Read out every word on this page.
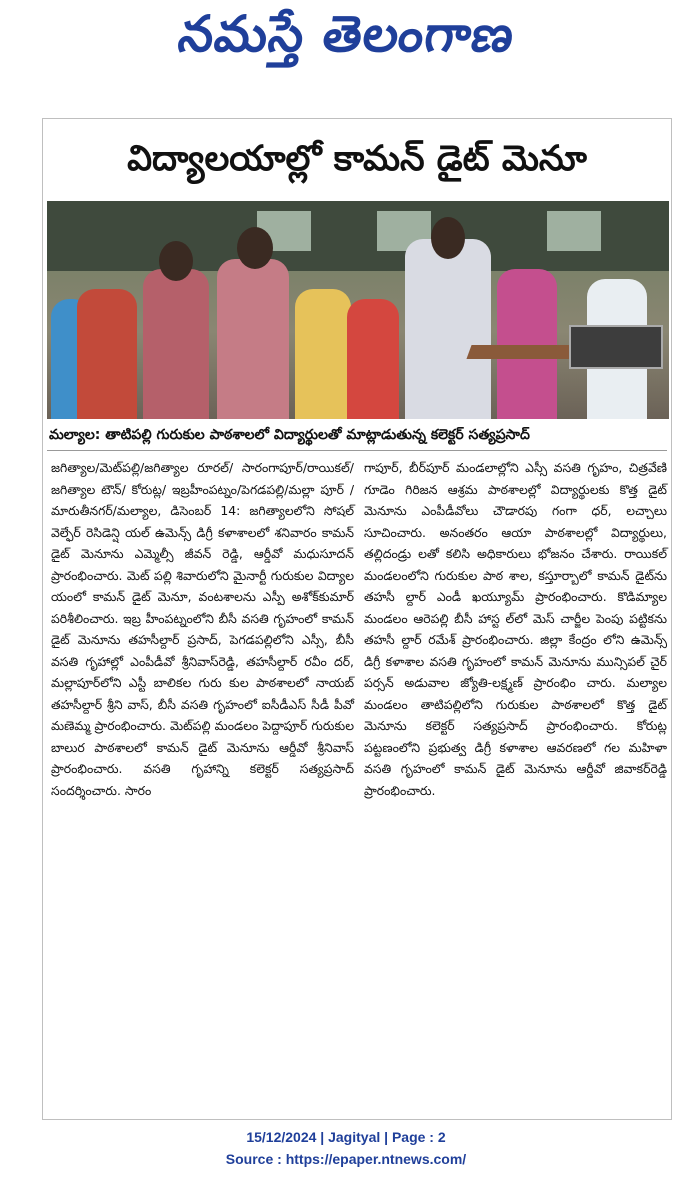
నమస్తే తెలంగాణ
విద్యాలయాల్లో కామన్ డైట్ మెనూ
మల్యాల: తాటిపల్లి గురుకుల పాఠశాలలో విద్యార్థులతో మాట్లాడుతున్న కలెక్టర్ సత్యప్రసాద్
జగిత్యాల/మెట్‌పల్లి/జగిత్యాల రూరల్/ సారంగాపూర్/రాయికల్/జగిత్యాల టౌన్/ కోరుట్ల/ ఇబ్రహీంపట్నం/పెగడపల్లి/మల్లా పూర్ / మారుతీనగర్/మల్యాల, డిసెంబర్ 14: జగిత్యాలలోని సోషల్ వెల్ఫేర్ రెసిడెన్షి యల్ ఉమెన్స్ డిగ్రీ కళాశాలలో శనివారం కామన్ డైట్ మెనూను ఎమ్మెల్సీ జీవన్ రెడ్డి, ఆర్డీవో మధుసూదన్ ప్రారంభించారు. మెట్ పల్లి శివారులోని మైనార్టీ గురుకుల విద్యాల యంలో కామన్ డైట్ మెనూ, వంటశాలను ఎస్పీ అశోక్‌కుమార్ పరిశీలించారు. ఇబ్ర హీంపట్నంలోని బీసీ వసతి గృహంలో కామన్ డైట్ మెనూను తహసీల్దార్ ప్రసాద్, పెగడపల్లిలోని ఎస్సీ, బీసీ వసతి గృహాల్లో ఎంపీడీవో శ్రీనివాస్‌రెడ్డి, తహసీల్దార్ రవీం దర్, మల్లాపూర్‌లోని ఎస్టీ బాలికల గురు కుల పాఠశాలలో నాయబ్ తహసీల్దార్ శ్రీని వాస్, బీసీ వసతి గృహంలో ఐసీడీఎస్ సీడీ పీవో మణెమ్మ ప్రారంభించారు. మెట్‌పల్లి మండలం పెద్దాపూర్ గురుకుల బాలుర పాఠశాలలో కామన్ డైట్ మెనూను ఆర్డీవో శ్రీనివాస్ ప్రారంభించారు. వసతి గృహాన్ని కలెక్టర్ సత్యప్రసాద్ సందర్శించారు. సారం
గాపూర్, బీర్‌పూర్ మండలాల్లోని ఎస్సీ వసతి గృహం, చిత్రవేణి గూడెం గిరిజన ఆశ్రమ పాఠశాలల్లో విద్యార్థులకు కొత్త డైట్ మెనూను ఎంపీడీవోలు చౌడారపు గంగా ధర్, లచ్చాలు సూచించారు. అనంతరం ఆయా పాఠశాలల్లో విద్యార్థులు, తల్లిదండ్రు లతో కలిసి అధికారులు భోజనం చేశారు. రాయికల్ మండలంలోని గురుకుల పాఠ శాల, కస్తూర్బాలో కామన్ డైట్‌ను తహసీ ల్దార్ ఎండీ ఖయ్యూమ్ ప్రారంభించారు. కొడిమ్యాల మండలం ఆరెపల్లి బీసీ హాస్ట ల్‌లో మెస్ చార్జీల పెంపు పట్టికను తహసీ ల్దార్ రమేశ్ ప్రారంభించారు. జిల్లా కేంద్రం లోని ఉమెన్స్ డిగ్రీ కళాశాల వసతి గృహంలో కామన్ మెనూను మున్సిపల్ చైర్ పర్సన్ అడువాల జ్యోతి-లక్ష్మణ్ ప్రారంభిం చారు. మల్యాల మండలం తాటిపల్లిలోని గురుకుల పాఠశాలలో కొత్త డైట్ మెనూను కలెక్టర్ సత్యప్రసాద్ ప్రారంభించారు. కోరుట్ల పట్టణంలోని ప్రభుత్వ డిగ్రీ కళాశాల ఆవరణలో గల మహిళా వసతి గృహంలో కామన్ డైట్ మెనూను ఆర్డీవో జివాకర్‌రెడ్డి ప్రారంభించారు.
15/12/2024 | Jagityal | Page : 2
Source : https://epaper.ntnews.com/
